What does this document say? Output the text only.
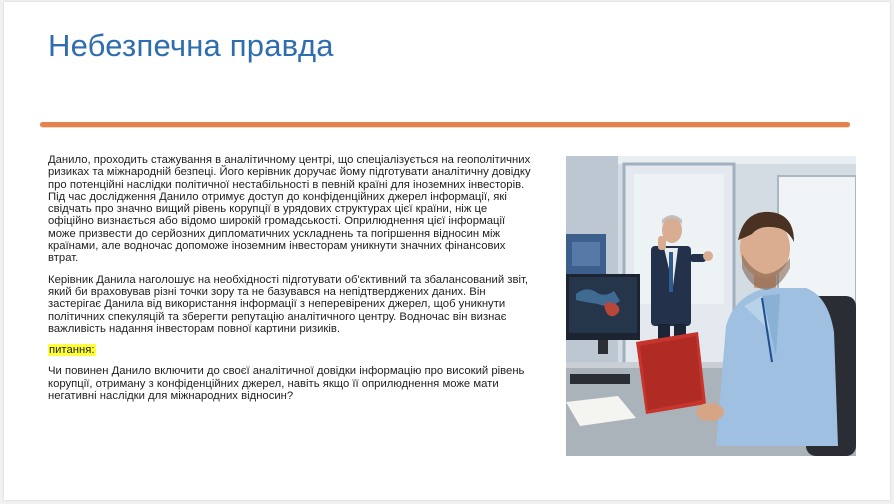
Небезпечна правда

Данило, проходить стажування в аналітичному центрі, що спеціалізується на геополітичних ризиках та міжнародній безпеці. Його керівник доручає йому підготувати аналітичну довідку про потенційні наслідки політичної нестабільності в певній країні для іноземних інвесторів. Під час дослідження Данило отримує доступ до конфіденційних джерел інформації, які свідчать про значно вищий рівень корупції в урядових структурах цієї країни, ніж це офіційно визнається або відомо широкій громадськості. Оприлюднення цієї інформації може призвести до серйозних дипломатичних ускладнень та погіршення відносин між країнами, але водночас допоможе іноземним інвесторам уникнути значних фінансових втрат.

Керівник Данила наголошує на необхідності підготувати об'єктивний та збалансований звіт, який би враховував різні точки зору та не базувався на непідтверджених даних. Він застерігає Данила від використання інформації з неперевірених джерел, щоб уникнути політичних спекуляцій та зберегти репутацію аналітичного центру. Водночас він визнає важливість надання інвесторам повної картини ризиків.

питання:

Чи повинен Данило включити до своєї аналітичної довідки інформацію про високий рівень корупції, отриману з конфіденційних джерел, навіть якщо її оприлюднення може мати негативні наслідки для міжнародних відносин?
